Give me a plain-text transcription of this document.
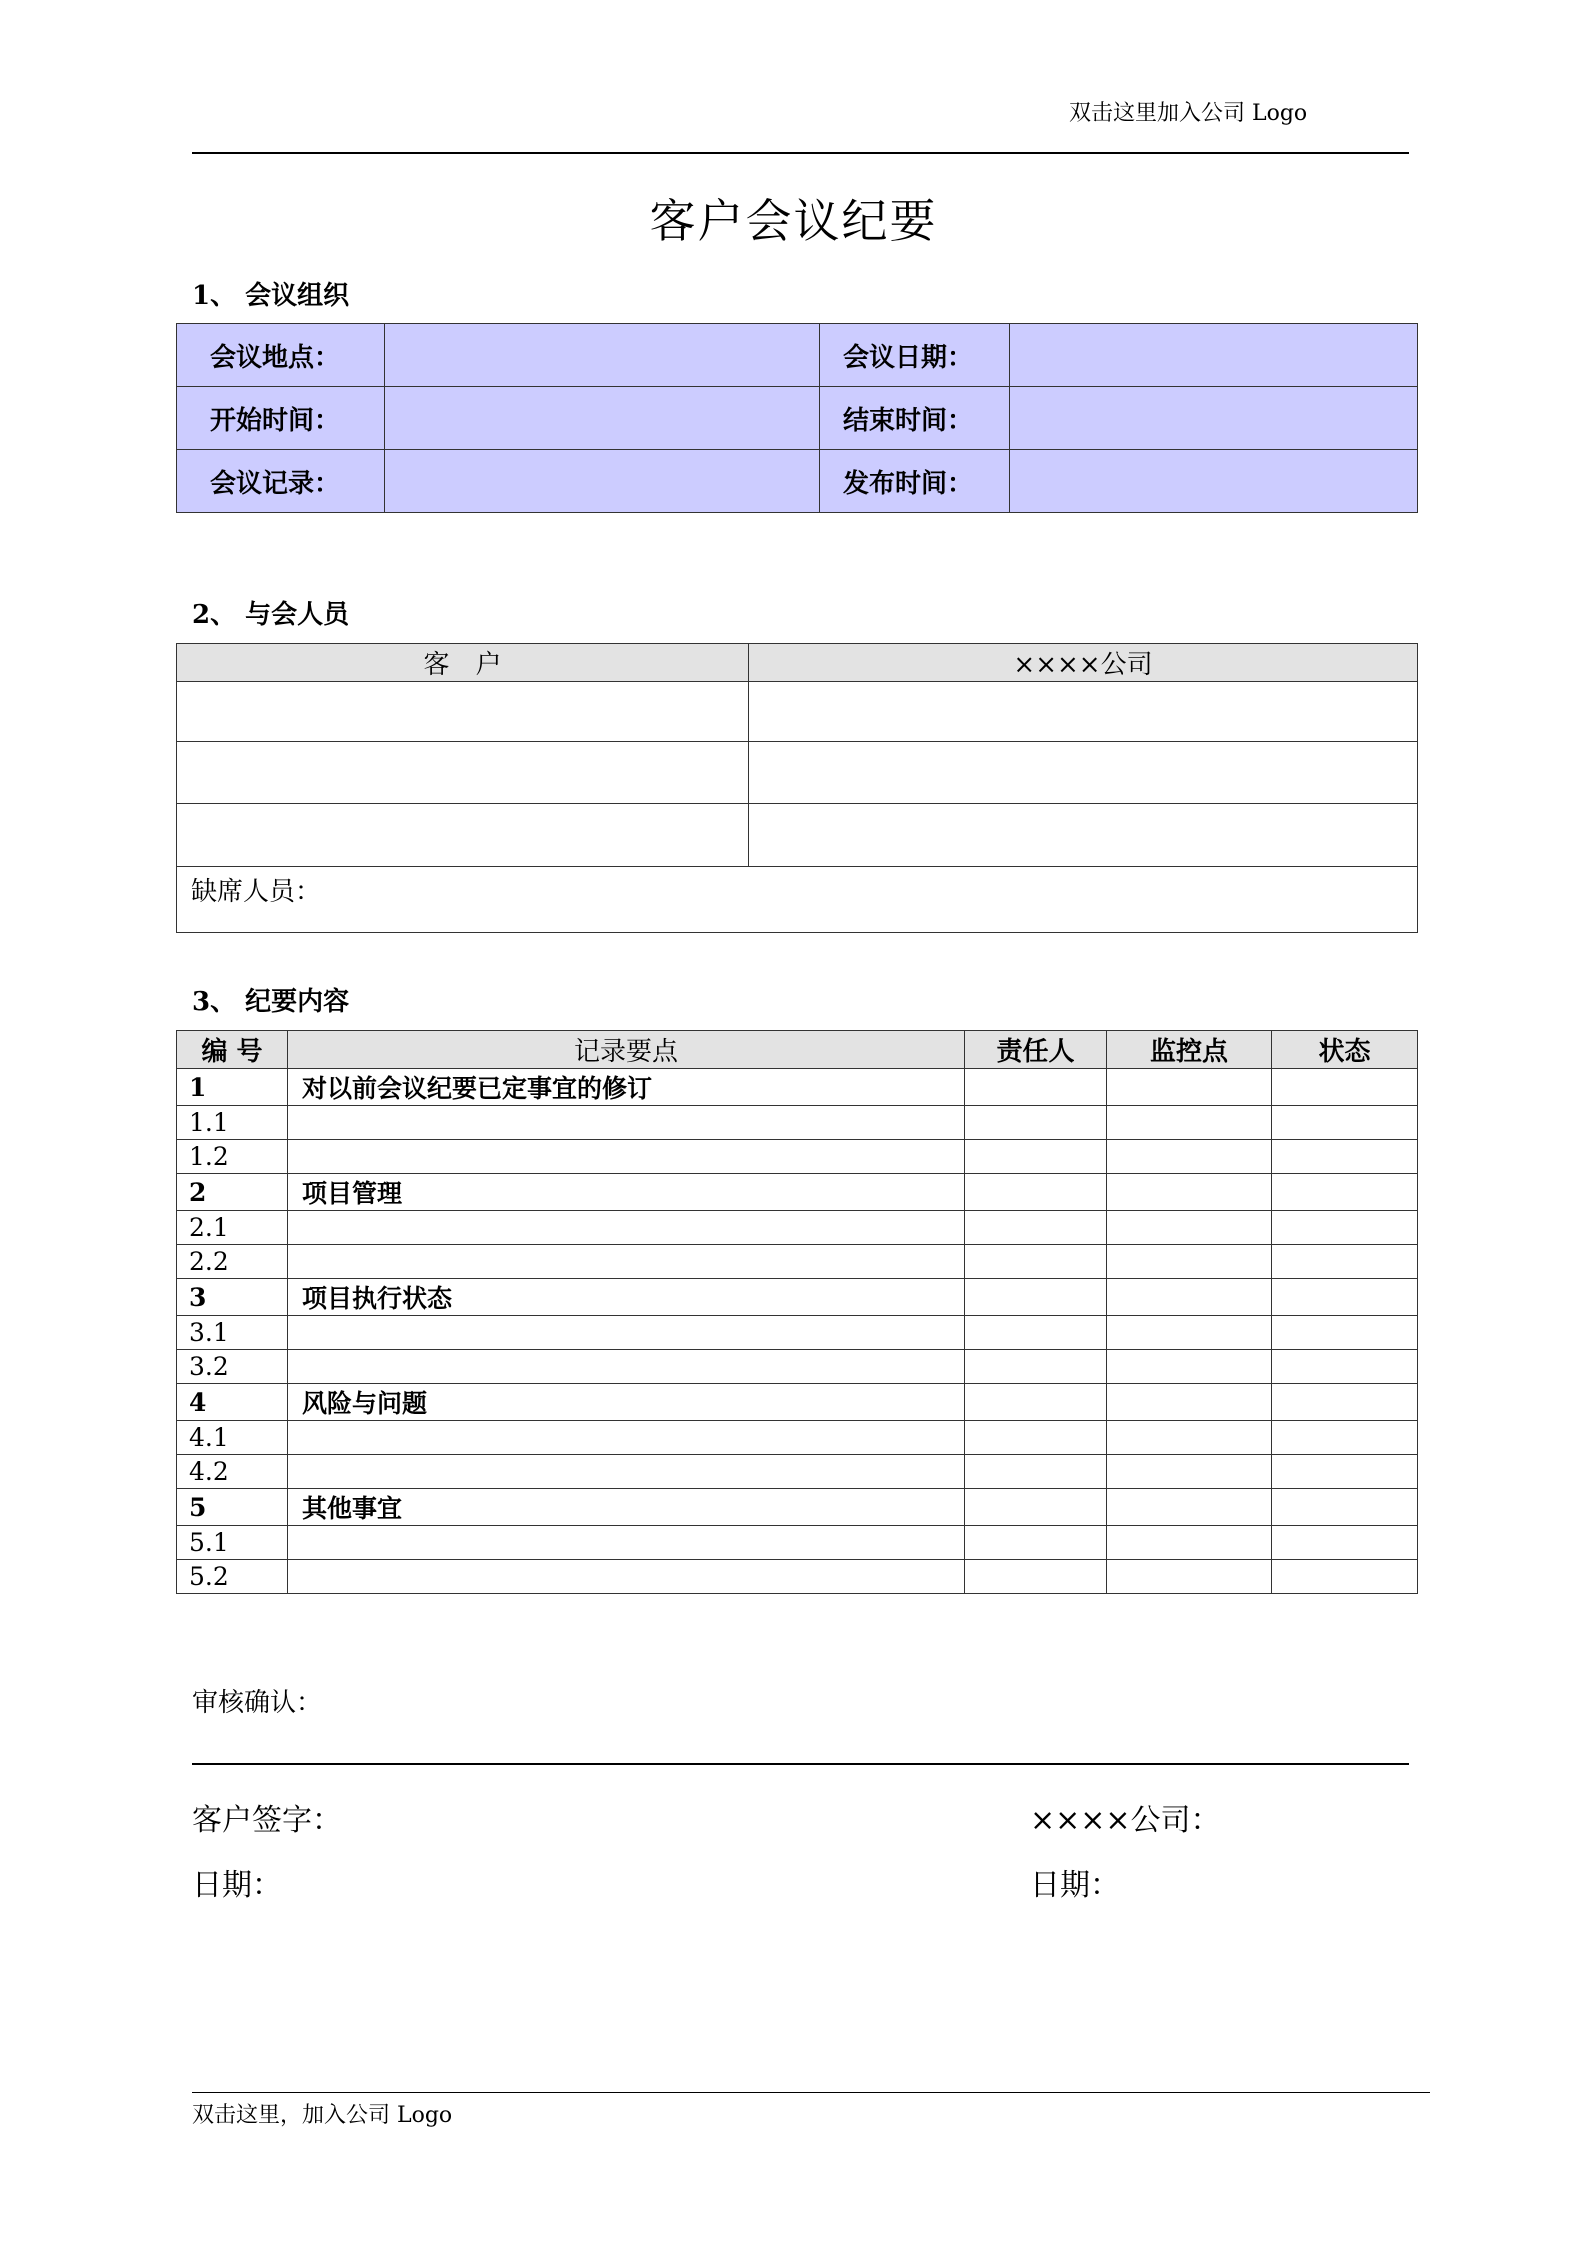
双击这里加入公司 Logo
客户会议纪要
1、 会议组织
会议地点：		会议日期：	
开始时间：		结束时间：	
会议记录：		发布时间：	
2、 与会人员
客　户	××××公司

缺席人员：	
3、 纪要内容
编 号	记录要点	责任人	监控点	状态
1	对以前会议纪要已定事宜的修订			
1.1				
1.2				
2	项目管理			
2.1				
2.2				
3	项目执行状态			
3.1				
3.2				
4	风险与问题			
4.1				
4.2				
5	其他事宜			
5.1				
5.2				
审核确认：
客户签字：	××××公司：
日期：	日期：
双击这里，加入公司 Logo
